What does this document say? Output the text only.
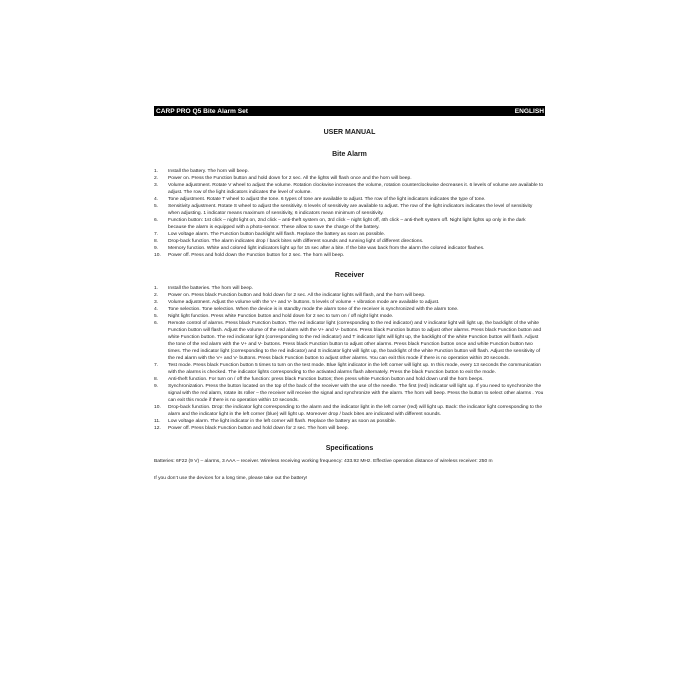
CARP PRO Q5 Bite Alarm Set	ENGLISH
USER MANUAL
Bite Alarm
1. Install the battery. The horn will beep.
2. Power on. Press the Function button and hold down for 2 sec. All the lights will flash once and the horn will beep.
3. Volume adjustment. Rotate V wheel to adjust the volume. Rotation clockwise increases the volume, rotation counterclockwise decreases it. 6 levels of volume are available to adjust. The row of the light indicators indicates the level of volume.
4. Tone adjustment. Rotate T wheel to adjust the tone. 6 types of tone are available to adjust. The row of the light indicators indicates the type of tone.
5. Sensitivity adjustment. Rotate S wheel to adjust the sensitivity. 6 levels of sensitivity are available to adjust. The row of the light indicators indicates the level of sensitivity when adjusting. 1 indicator means maximum of sensitivity, 6 indicators mean minimum of sensitivity.
6. Function button: 1st click – night light on, 2nd click – anti-theft system on, 3rd click – night light off, 4th click – anti-theft system off. Night light lights up only in the dark because the alarm is equipped with a photo-sensor. These allow to save the charge of the battery.
7. Low voltage alarm. The Function button backlight will flash. Replace the battery as soon as possible.
8. Drop-back function. The alarm indicates drop / back bites with different sounds and running light of different directions.
9. Memory function. White and colored light indicators light up for 15 sec after a bite. If the bite was back from the alarm the colored indicator flashes.
10. Power off. Press and hold down the Function button for 2 sec. The horn will beep.
Receiver
1. Install the batteries. The horn will beep.
2. Power on. Press black Function button and hold down for 2 sec. All the indicator lights will flash, and the horn will beep.
3. Volume adjustment. Adjust the volume with the V+ and V- buttons. 5 levels of volume + vibration mode are available to adjust.
4. Tone selection. Tone selection. When the device is in standby mode the alarm tone of the receiver is synchronized with the alarm tone.
5. Night light function. Press white Function button and hold down for 2 sec to turn on / off night light mode.
6. Remote control of alarms. Press black Function button. The red indicator light (corresponding to the red indicator) and V indicator light will light up, the backlight of the white Function button will flash. Adjust the volume of the red alarm with the V+ and V- buttons. Press black Function button to adjust other alarms. Press black Function button and white Function button. The red indicator light (corresponding to the red indicator) and T indicator light will light up, the backlight of the white Function button will flash. Adjust the tone of the red alarm with the V+ and V- buttons. Press black Function button to adjust other alarms. Press black Function button once and white Function button two times. The red indicator light (corresponding to the red indicator) and S indicator light will light up, the backlight of the white Function button will flash. Adjust the sensitivity of the red alarm with the V+ and V- buttons. Press black Function button to adjust other alarms. You can exit this mode if there is no operation within 20 seconds.
7. Test mode. Press black Function button 5 times to turn on the test mode. Blue light indicator in the left corner will light up. In this mode, every 13 seconds the communication with the alarms is checked. The indicator lights corresponding to the activated alarms flash alternately. Press the black Function button to exit the mode.
8. Anti-theft function. For turn on / off the function: press black Function button; then press white Function button and hold down until the horn beeps.
9. Synchronization. Press the button located on the top of the back of the receiver with the use of the needle. The first (red) indicator will light up. If you need to synchronize the signal with the red alarm, rotate its roller – the receiver will receive the signal and synchronize with the alarm. The horn will beep. Press the button to select other alarms . You can exit this mode if there is no operation within 10 seconds.
10. Drop-back function. Drop: the indicator light corresponding to the alarm and the indicator light in the left corner (red) will light up. Back: the indicator light corresponding to the alarm and the indicator light in the left corner (blue) will light up. Moreover drop / back bites are indicated with different sounds.
11. Low voltage alarm. The light indicator in the left corner will flash. Replace the battery as soon as possible.
12. Power off. Press black Function button and hold down for 2 sec. The horn will beep.
Specifications
Batteries: 6F22 (9 V) – alarms, 3 AAA – receiver. Wireless receiving working frequency: 433.92 MHz. Effective operation distance of wireless receiver: 250 m
If you don’t use the devices for a long time, please take out the battery!
